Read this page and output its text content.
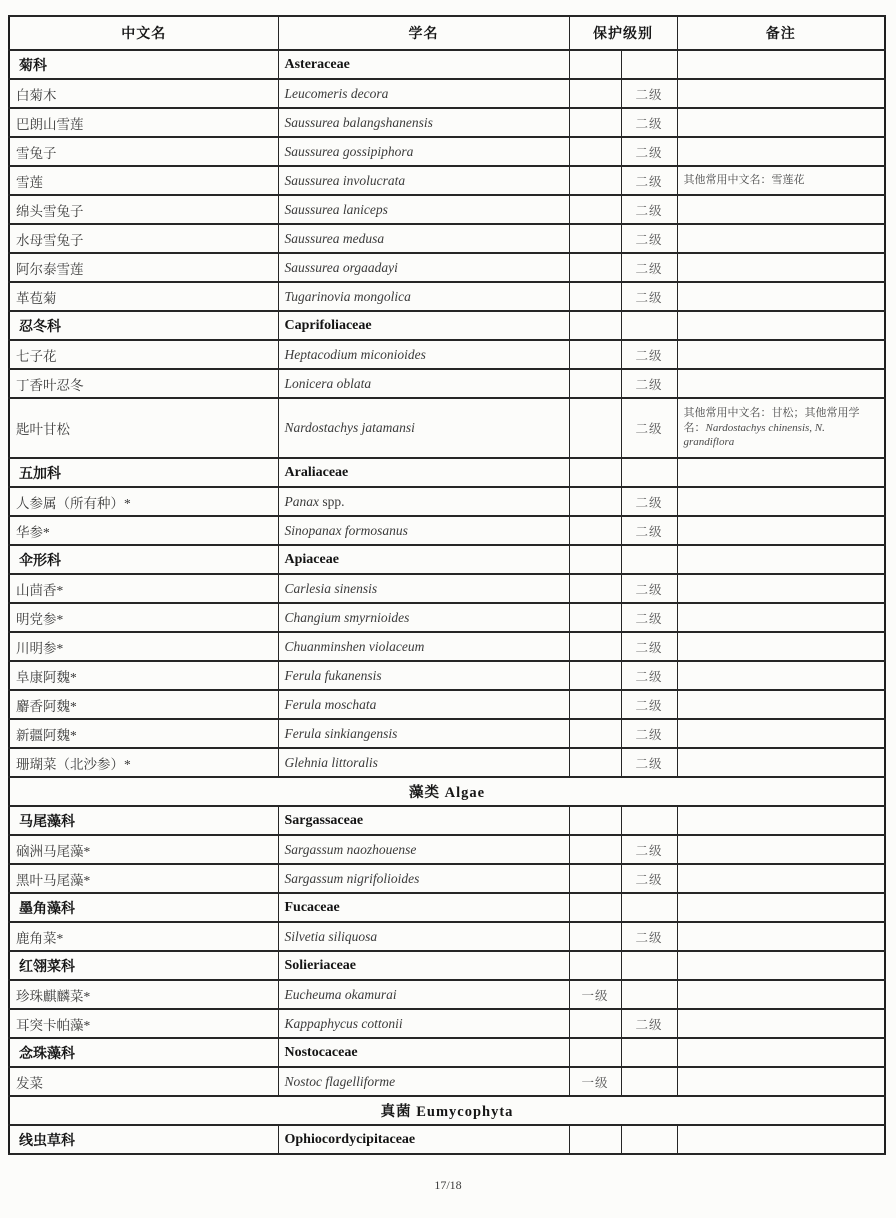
中文名	学名	保护级别		备注
菊科	Asteraceae			
白菊木	Leucomeris decora		二级	
巴朗山雪莲	Saussurea balangshanensis		二级	
雪兔子	Saussurea gossipiphora		二级	
雪莲	Saussurea involucrata		二级	其他常用中文名：雪莲花
绵头雪兔子	Saussurea laniceps		二级	
水母雪兔子	Saussurea medusa		二级	
阿尔泰雪莲	Saussurea orgaadayi		二级	
革苞菊	Tugarinovia mongolica		二级	
忍冬科	Caprifoliaceae			
七子花	Heptacodium miconioides		二级	
丁香叶忍冬	Lonicera oblata		二级	
匙叶甘松	Nardostachys jatamansi		二级	其他常用中文名：甘松；其他常用学名：Nardostachys chinensis, N. grandiflora
五加科	Araliaceae			
人参属（所有种）*	Panax spp.		二级	
华参*	Sinopanax formosanus		二级	
伞形科	Apiaceae			
山茴香*	Carlesia sinensis		二级	
明党参*	Changium smyrnioides		二级	
川明参*	Chuanminshen violaceum		二级	
阜康阿魏*	Ferula fukanensis		二级	
麝香阿魏*	Ferula moschata		二级	
新疆阿魏*	Ferula sinkiangensis		二级	
珊瑚菜（北沙参）*	Glehnia littoralis		二级	
藻类 Algae				
马尾藻科	Sargassaceae			
硇洲马尾藻*	Sargassum naozhouense		二级	
黑叶马尾藻*	Sargassum nigrifolioides		二级	
墨角藻科	Fucaceae			
鹿角菜*	Silvetia siliquosa		二级	
红翎菜科	Solieriaceae			
珍珠麒麟菜*	Eucheuma okamurai	一级		
耳突卡帕藻*	Kappaphycus cottonii		二级	
念珠藻科	Nostocaceae			
发菜	Nostoc flagelliforme	一级		
真菌 Eumycophyta				
线虫草科	Ophiocordycipitaceae			
17/18
